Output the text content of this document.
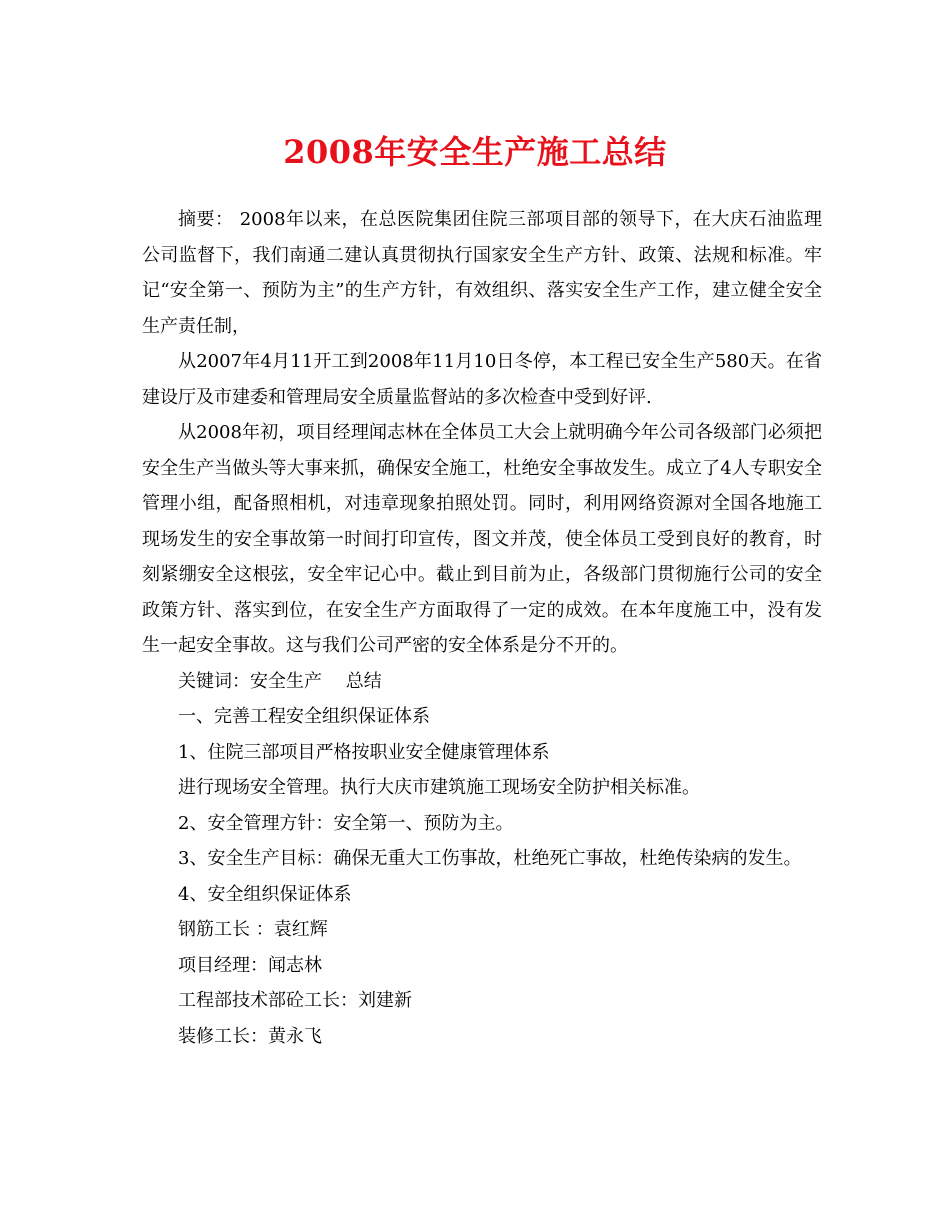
2008年安全生产施工总结

摘要： 2008年以来，在总医院集团住院三部项目部的领导下，在大庆石油监理公司监督下，我们南通二建认真贯彻执行国家安全生产方针、政策、法规和标准。牢记“安全第一、预防为主”的生产方针，有效组织、落实安全生产工作，建立健全安全生产责任制，

从2007年4月11开工到2008年11月10日冬停，本工程已安全生产580天。在省建设厅及市建委和管理局安全质量监督站的多次检查中受到好评.

从2008年初，项目经理闻志林在全体员工大会上就明确今年公司各级部门必须把安全生产当做头等大事来抓，确保安全施工，杜绝安全事故发生。成立了4人专职安全管理小组，配备照相机，对违章现象拍照处罚。同时，利用网络资源对全国各地施工现场发生的安全事故第一时间打印宣传，图文并茂，使全体员工受到良好的教育，时刻紧绷安全这根弦，安全牢记心中。截止到目前为止，各级部门贯彻施行公司的安全政策方针、落实到位，在安全生产方面取得了一定的成效。在本年度施工中，没有发生一起安全事故。这与我们公司严密的安全体系是分不开的。

关键词：安全生产　 总结

一、完善工程安全组织保证体系

1、住院三部项目严格按职业安全健康管理体系

进行现场安全管理。执行大庆市建筑施工现场安全防护相关标准。

2、安全管理方针：安全第一、预防为主。

3、安全生产目标：确保无重大工伤事故，杜绝死亡事故，杜绝传染病的发生。

4、安全组织保证体系

钢筋工长 ：袁红辉

项目经理：闻志林

工程部技术部砼工长：刘建新

装修工长：黄永飞
